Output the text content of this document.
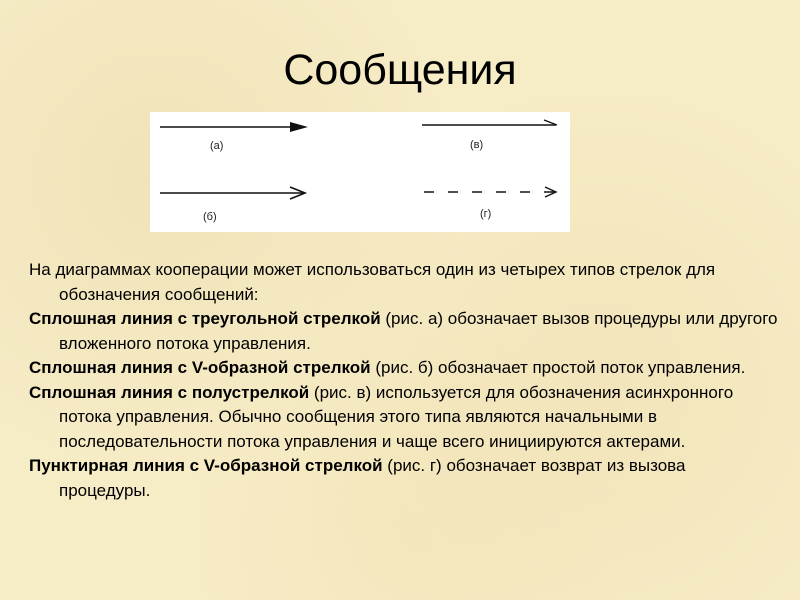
Сообщения
(а)	(в)
(б)	(г)

На диаграммах кооперации может использоваться один из четырех типов стрелок для обозначения сообщений:

Сплошная линия с треугольной стрелкой (рис. а) обозначает вызов процедуры или другого вложенного потока управления.

Сплошная линия с V-образной стрелкой (рис. б) обозначает простой поток управления.

Сплошная линия с полустрелкой (рис. в) используется для обозначения асинхронного потока управления. Обычно сообщения этого типа являются начальными в последовательности потока управления и чаще всего инициируются актерами.

Пунктирная линия с V-образной стрелкой (рис. г) обозначает возврат из вызова процедуры.
